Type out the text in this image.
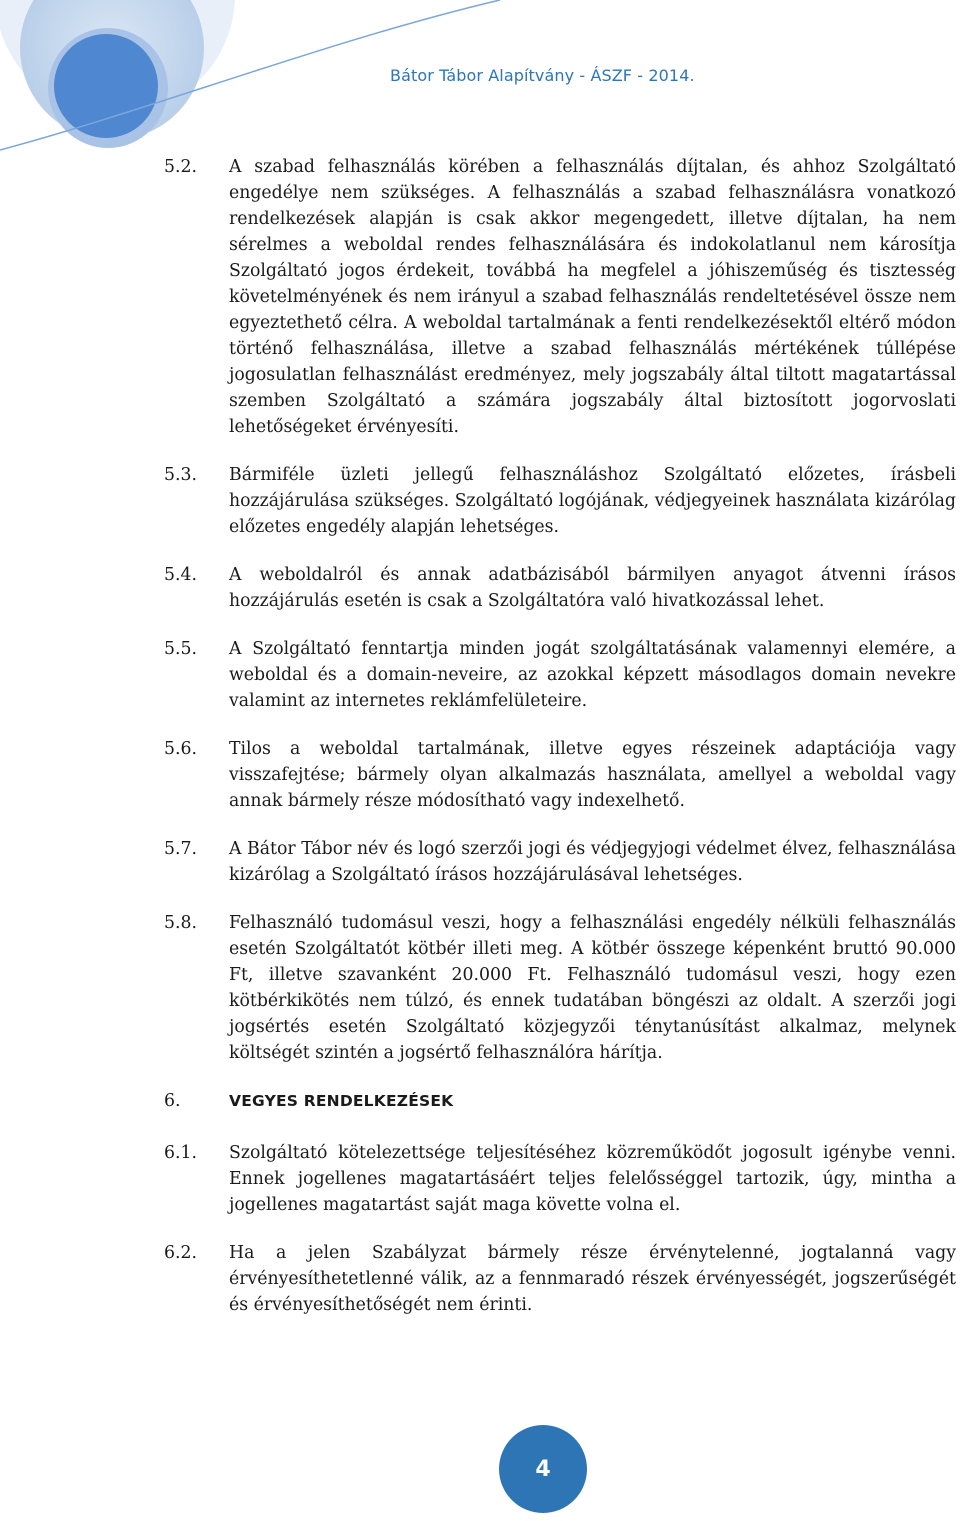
Bátor Tábor Alapítvány - ÁSZF - 2014.
5.2.	A szabad felhasználás körében a felhasználás díjtalan, és ahhoz Szolgáltató engedélye nem szükséges. A felhasználás a szabad felhasználásra vonatkozó rendelkezések alapján is csak akkor megengedett, illetve díjtalan, ha nem sérelmes a weboldal rendes felhasználására és indokolatlanul nem károsítja Szolgáltató jogos érdekeit, továbbá ha megfelel a jóhiszeműség és tisztesség követelményének és nem irányul a szabad felhasználás rendeltetésével össze nem egyeztethető célra. A weboldal tartalmának a fenti rendelkezésektől eltérő módon történő felhasználása, illetve a szabad felhasználás mértékének túllépése jogosulatlan felhasználást eredményez, mely jogszabály által tiltott magatartással szemben Szolgáltató a számára jogszabály által biztosított jogorvoslati lehetőségeket érvényesíti.
5.3.	Bármiféle üzleti jellegű felhasználáshoz Szolgáltató előzetes, írásbeli hozzájárulása szükséges. Szolgáltató logójának, védjegyeinek használata kizárólag előzetes engedély alapján lehetséges.
5.4.	A weboldalról és annak adatbázisából bármilyen anyagot átvenni írásos hozzájárulás esetén is csak a Szolgáltatóra való hivatkozással lehet.
5.5.	A Szolgáltató fenntartja minden jogát szolgáltatásának valamennyi elemére, a weboldal és a domain-neveire, az azokkal képzett másodlagos domain nevekre valamint az internetes reklámfelületeire.
5.6.	Tilos a weboldal tartalmának, illetve egyes részeinek adaptációja vagy visszafejtése; bármely olyan alkalmazás használata, amellyel a weboldal vagy annak bármely része módosítható vagy indexelhető.
5.7.	A Bátor Tábor név és logó szerzői jogi és védjegyjogi védelmet élvez, felhasználása kizárólag a Szolgáltató írásos hozzájárulásával lehetséges.
5.8.	Felhasználó tudomásul veszi, hogy a felhasználási engedély nélküli felhasználás esetén Szolgáltatót kötbér illeti meg. A kötbér összege képenként bruttó 90.000 Ft, illetve szavanként 20.000 Ft. Felhasználó tudomásul veszi, hogy ezen kötbérkikötés nem túlzó, és ennek tudatában böngészi az oldalt. A szerzői jogi jogsértés esetén Szolgáltató közjegyzői ténytanúsítást alkalmaz, melynek költségét szintén a jogsértő felhasználóra hárítja.
6.	VEGYES RENDELKEZÉSEK
6.1.	Szolgáltató kötelezettsége teljesítéséhez közreműködőt jogosult igénybe venni. Ennek jogellenes magatartásáért teljes felelősséggel tartozik, úgy, mintha a jogellenes magatartást saját maga követte volna el.
6.2.	Ha a jelen Szabályzat bármely része érvénytelenné, jogtalanná vagy érvényesíthetetlenné válik, az a fennmaradó részek érvényességét, jogszerűségét és érvényesíthetőségét nem érinti.
4
